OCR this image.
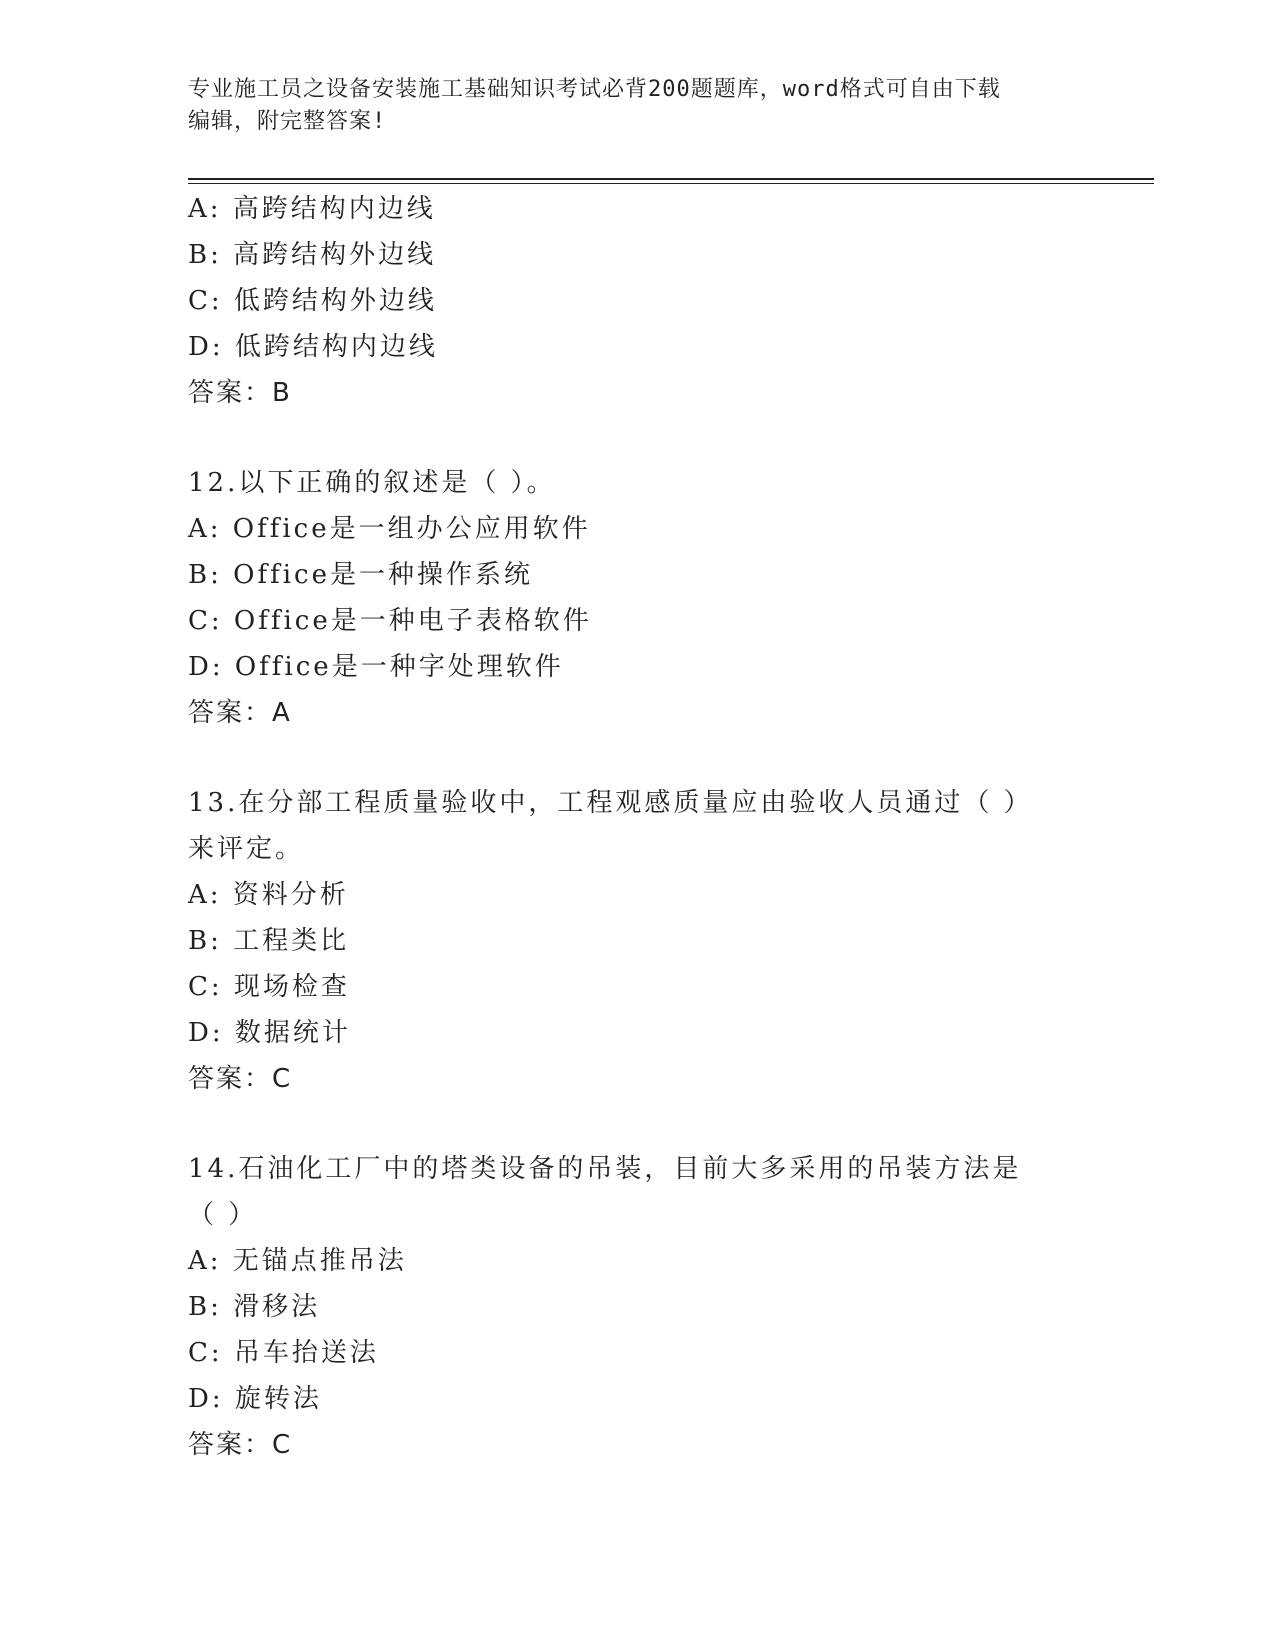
专业施工员之设备安装施工基础知识考试必背200题题库，word格式可自由下载
编辑，附完整答案!
A: 高跨结构内边线
B: 高跨结构外边线
C: 低跨结构外边线
D: 低跨结构内边线
答案：B
12.以下正确的叙述是（ ）。
A: Office是一组办公应用软件
B: Office是一种操作系统
C: Office是一种电子表格软件
D: Office是一种字处理软件
答案：A
13.在分部工程质量验收中，工程观感质量应由验收人员通过（ ）来评定。
A: 资料分析
B: 工程类比
C: 现场检查
D: 数据统计
答案：C
14.石油化工厂中的塔类设备的吊装，目前大多采用的吊装方法是（ ）
A: 无锚点推吊法
B: 滑移法
C: 吊车抬送法
D: 旋转法
答案：C
